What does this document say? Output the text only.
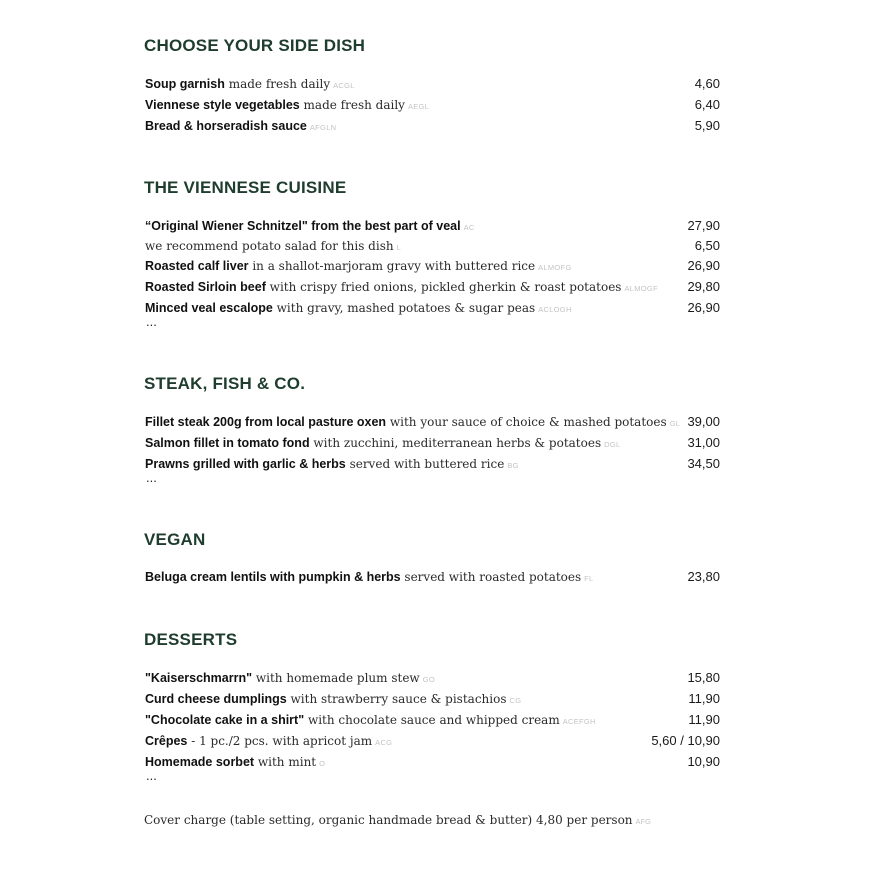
CHOOSE YOUR SIDE DISH
Soup garnish made fresh daily ACGL	4,60
Viennese style vegetables made fresh daily AEGL	6,40
Bread & horseradish sauce AFGLN	5,90
THE VIENNESE CUISINE
“Original Wiener Schnitzel" from the best part of veal AC	27,90
we recommend potato salad for this dish L	6,50
Roasted calf liver in a shallot-marjoram gravy with buttered rice ALMOFG	26,90
Roasted Sirloin beef with crispy fried onions, pickled gherkin & roast potatoes ALMOGF 29,80
Minced veal escalope with gravy, mashed potatoes & sugar peas ACLOGH	26,90
...
STEAK, FISH & CO.
Fillet steak 200g from local pasture oxen with your sauce of choice & mashed potatoes GL 39,00
Salmon fillet in tomato fond with zucchini, mediterranean herbs & potatoes DGL	31,00
Prawns grilled with garlic & herbs served with buttered rice BG	34,50
...
VEGAN
Beluga cream lentils with pumpkin & herbs served with roasted potatoes FL	23,80
DESSERTS
"Kaiserschmarrn" with homemade plum stew GO	15,80
Curd cheese dumplings with strawberry sauce & pistachios CG	11,90
"Chocolate cake in a shirt" with chocolate sauce and whipped cream ACEFGH	11,90
Crêpes - 1 pc./2 pcs. with apricot jam ACG	5,60 / 10,90
Homemade sorbet with mint O	10,90
...
Cover charge (table setting, organic handmade bread & butter) 4,80 per person AFG
